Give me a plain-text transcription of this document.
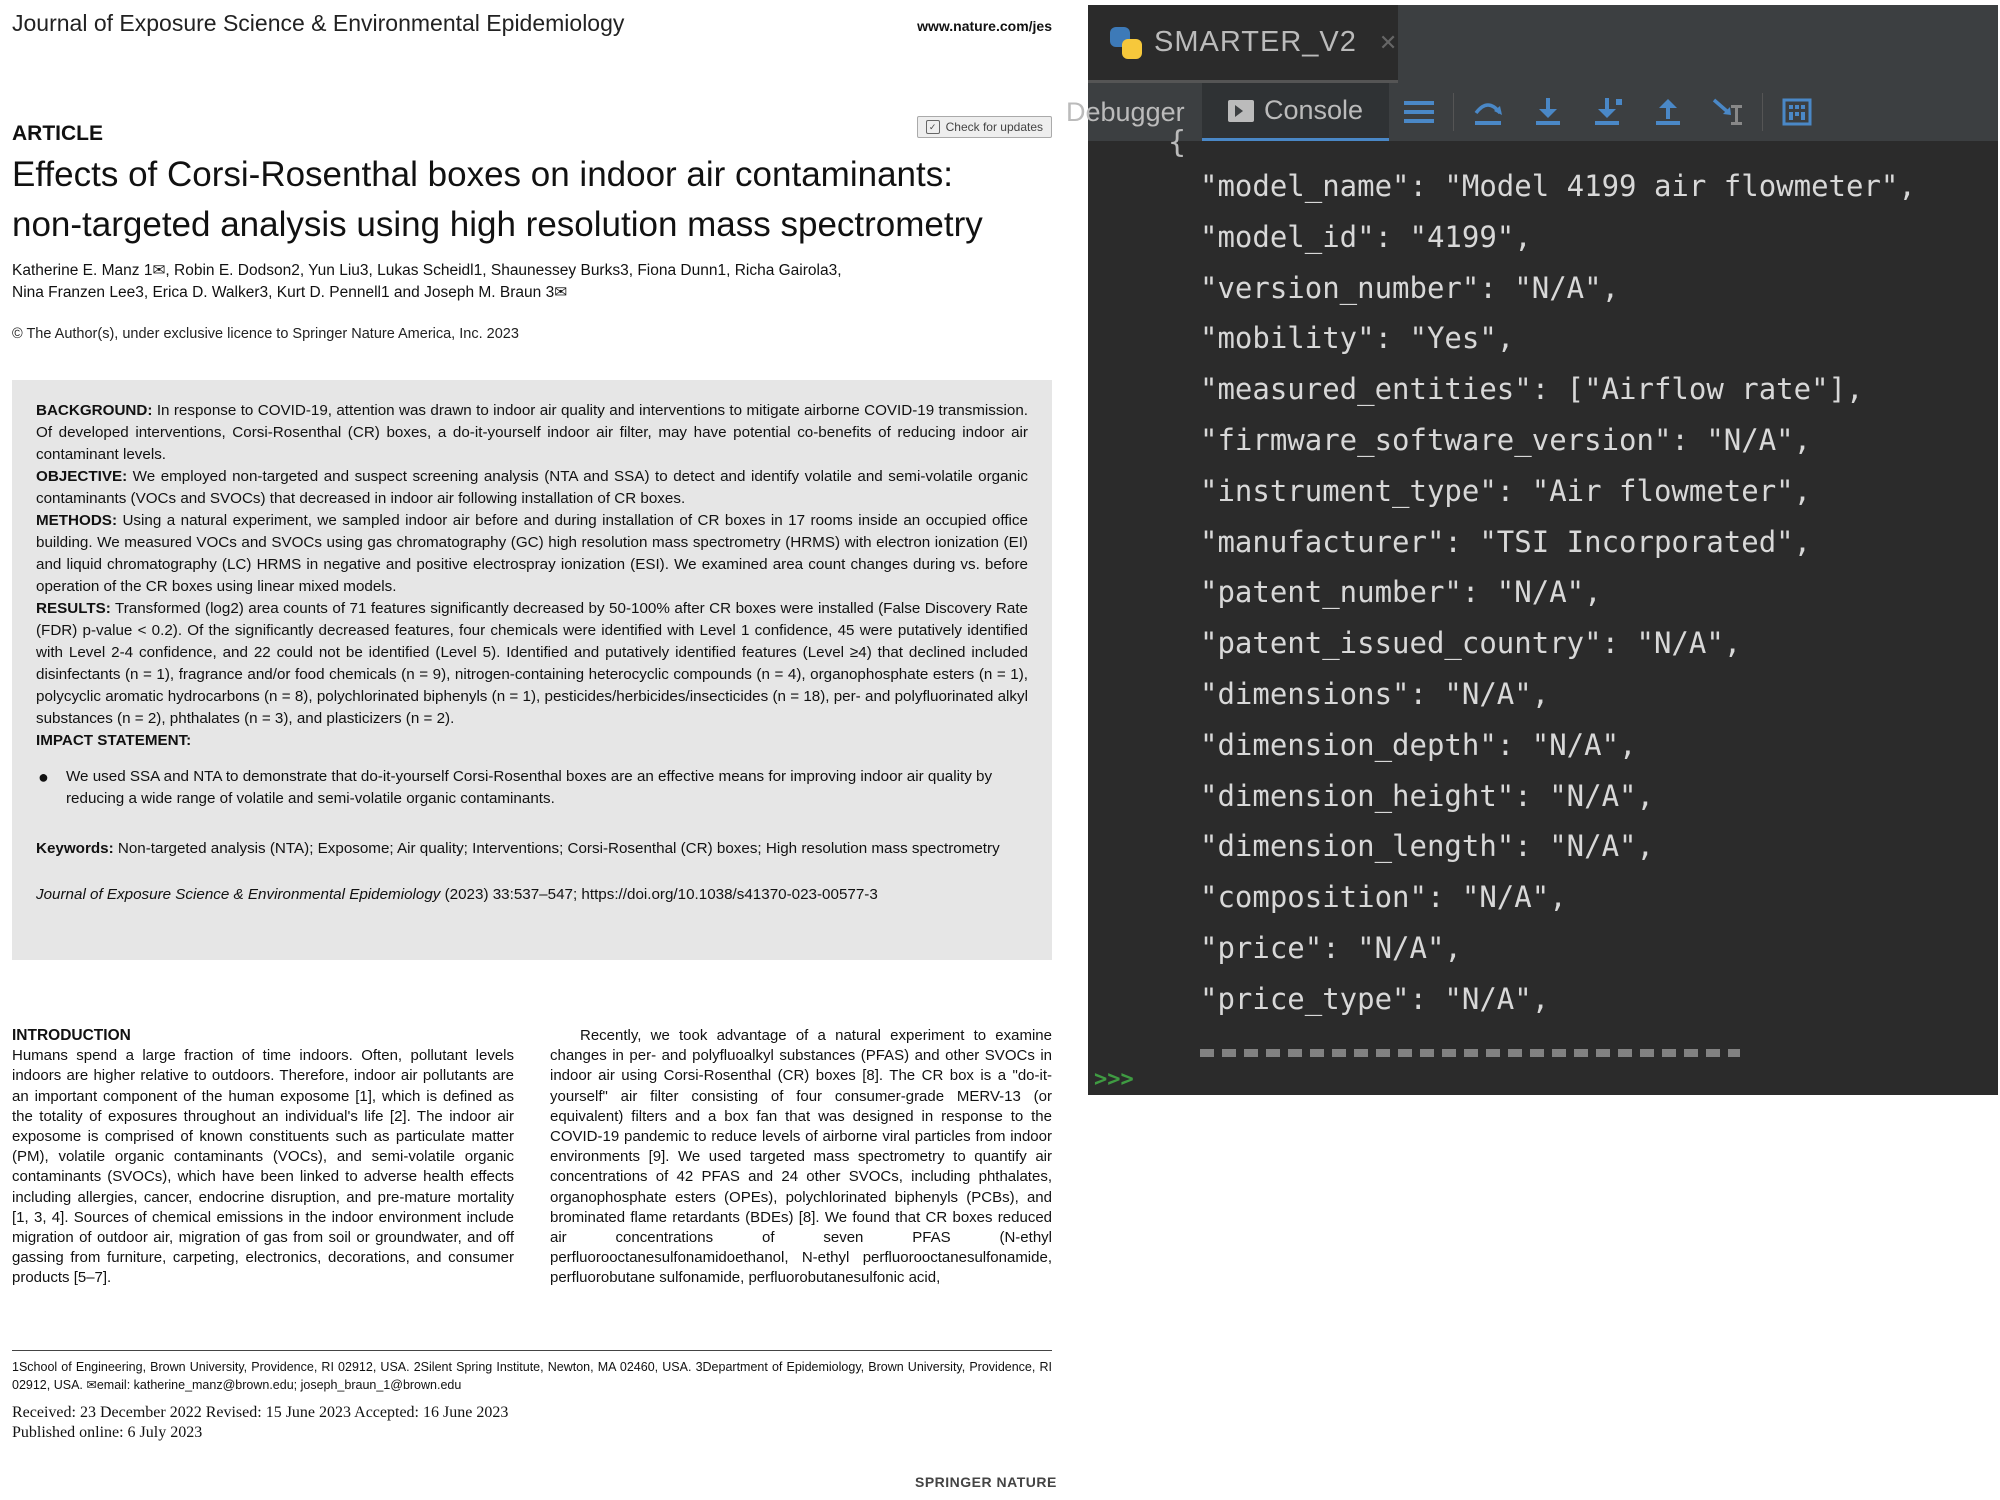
Journal of Exposure Science & Environmental Epidemiology	www.nature.com/jes
ARTICLE	✓ Check for updates
Effects of Corsi-Rosenthal boxes on indoor air contaminants:
non-targeted analysis using high resolution mass spectrometry
Katherine E. Manz 1✉, Robin E. Dodson2, Yun Liu3, Lukas Scheidl1, Shaunessey Burks3, Fiona Dunn1, Richa Gairola3,
Nina Franzen Lee3, Erica D. Walker3, Kurt D. Pennell1 and Joseph M. Braun 3✉
© The Author(s), under exclusive licence to Springer Nature America, Inc. 2023

BACKGROUND: In response to COVID-19, attention was drawn to indoor air quality and interventions to mitigate airborne COVID-19 transmission. Of developed interventions, Corsi-Rosenthal (CR) boxes, a do-it-yourself indoor air filter, may have potential co-benefits of reducing indoor air contaminant levels.

OBJECTIVE: We employed non-targeted and suspect screening analysis (NTA and SSA) to detect and identify volatile and semi-volatile organic contaminants (VOCs and SVOCs) that decreased in indoor air following installation of CR boxes.

METHODS: Using a natural experiment, we sampled indoor air before and during installation of CR boxes in 17 rooms inside an occupied office building. We measured VOCs and SVOCs using gas chromatography (GC) high resolution mass spectrometry (HRMS) with electron ionization (EI) and liquid chromatography (LC) HRMS in negative and positive electrospray ionization (ESI). We examined area count changes during vs. before operation of the CR boxes using linear mixed models.

RESULTS: Transformed (log2) area counts of 71 features significantly decreased by 50-100% after CR boxes were installed (False Discovery Rate (FDR) p-value < 0.2). Of the significantly decreased features, four chemicals were identified with Level 1 confidence, 45 were putatively identified with Level 2-4 confidence, and 22 could not be identified (Level 5). Identified and putatively identified features (Level ≥4) that declined included disinfectants (n = 1), fragrance and/or food chemicals (n = 9), nitrogen-containing heterocyclic compounds (n = 4), organophosphate esters (n = 1), polycyclic aromatic hydrocarbons (n = 8), polychlorinated biphenyls (n = 1), pesticides/herbicides/insecticides (n = 18), per- and polyfluorinated alkyl substances (n = 2), phthalates (n = 3), and plasticizers (n = 2).

IMPACT STATEMENT:

● We used SSA and NTA to demonstrate that do-it-yourself Corsi-Rosenthal boxes are an effective means for improving indoor air quality by reducing a wide range of volatile and semi-volatile organic contaminants.
Keywords: Non-targeted analysis (NTA); Exposome; Air quality; Interventions; Corsi-Rosenthal (CR) boxes; High resolution mass spectrometry
Journal of Exposure Science & Environmental Epidemiology (2023) 33:537–547; https://doi.org/10.1038/s41370-023-00577-3
INTRODUCTION

Humans spend a large fraction of time indoors. Often, pollutant levels indoors are higher relative to outdoors. Therefore, indoor air pollutants are an important component of the human exposome [1], which is defined as the totality of exposures throughout an individual's life [2]. The indoor air exposome is comprised of known constituents such as particulate matter (PM), volatile organic contaminants (VOCs), and semi-volatile organic contaminants (SVOCs), which have been linked to adverse health effects including allergies, cancer, endocrine disruption, and pre-mature mortality [1, 3, 4]. Sources of chemical emissions in the indoor environment include migration of outdoor air, migration of gas from soil or groundwater, and off gassing from furniture, carpeting, electronics, decorations, and consumer products [5–7].

Recently, we took advantage of a natural experiment to examine changes in per- and polyfluoalkyl substances (PFAS) and other SVOCs in indoor air using Corsi-Rosenthal (CR) boxes [8]. The CR box is a "do-it-yourself" air filter consisting of four consumer-grade MERV-13 (or equivalent) filters and a box fan that was designed in response to the COVID-19 pandemic to reduce levels of airborne viral particles from indoor environments [9]. We used targeted mass spectrometry to quantify air concentrations of 42 PFAS and 24 other SVOCs, including phthalates, organophosphate esters (OPEs), polychlorinated biphenyls (PCBs), and brominated flame retardants (BDEs) [8]. We found that CR boxes reduced air concentrations of seven PFAS (N-ethyl perfluorooctanesulfonamidoethanol, N-ethyl perfluorooctanesulfonamide, perfluorobutane sulfonamide, perfluorobutanesulfonic acid,

1School of Engineering, Brown University, Providence, RI 02912, USA. 2Silent Spring Institute, Newton, MA 02460, USA. 3Department of Epidemiology, Brown University, Providence, RI 02912, USA. ✉email: katherine_manz@brown.edu; joseph_braun_1@brown.edu
Received: 23 December 2022 Revised: 15 June 2023 Accepted: 16 June 2023
Published online: 6 July 2023
SPRINGER NATURE
SMARTER_V2 ✕
Debugger	Console
{
"model_name": "Model 4199 air flowmeter",
"model_id": "4199",
"version_number": "N/A",
"mobility": "Yes",
"measured_entities": ["Airflow rate"],
"firmware_software_version": "N/A",
"instrument_type": "Air flowmeter",
"manufacturer": "TSI Incorporated",
"patent_number": "N/A",
"patent_issued_country": "N/A",
"dimensions": "N/A",
"dimension_depth": "N/A",
"dimension_height": "N/A",
"dimension_length": "N/A",
"composition": "N/A",
"price": "N/A",
"price_type": "N/A",
>>>
